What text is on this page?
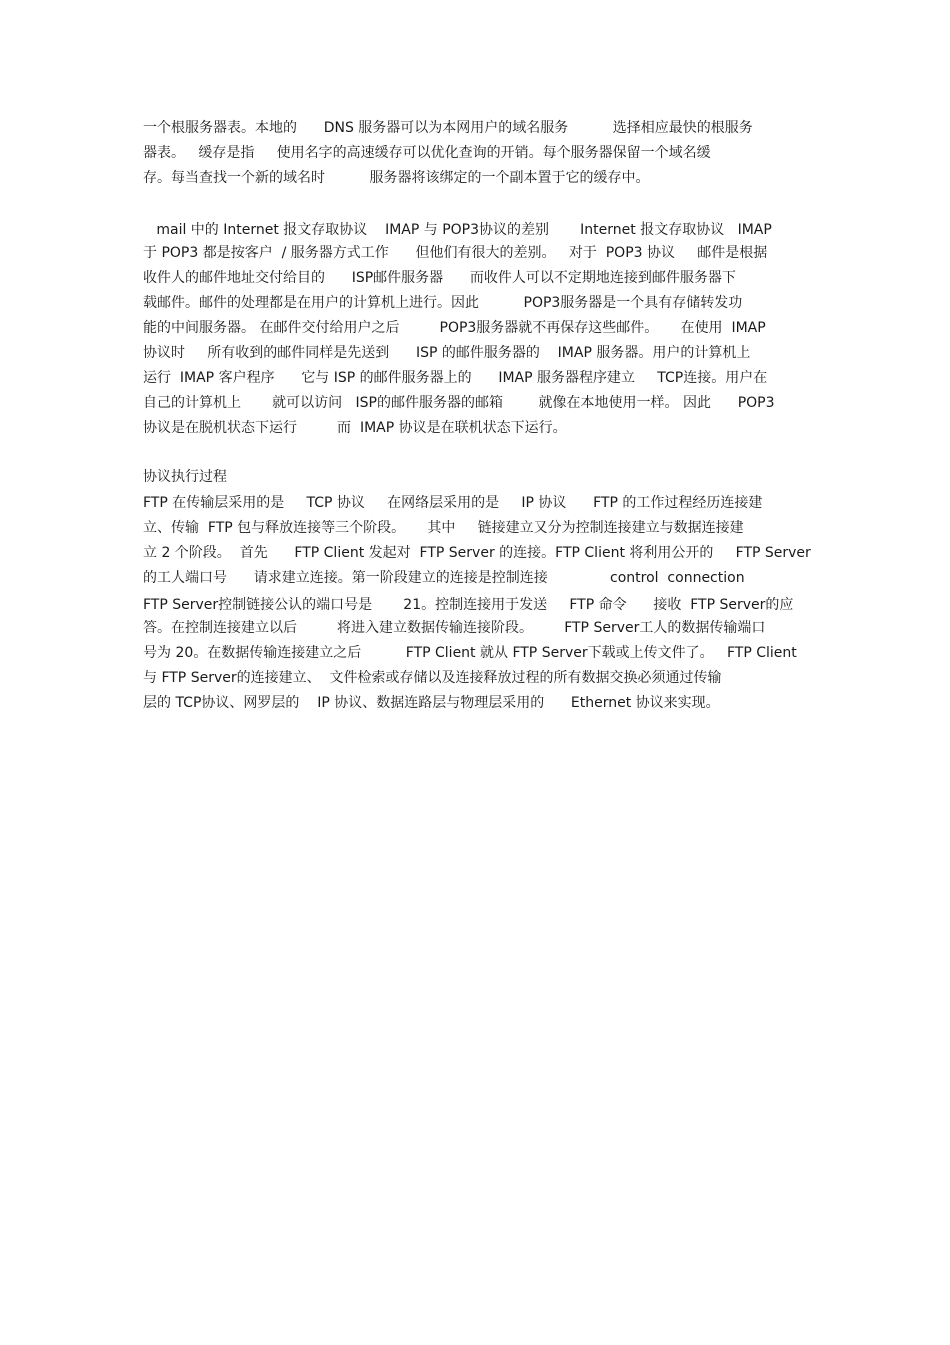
一个根服务器表。本地的      DNS 服务器可以为本网用户的域名服务          选择相应最快的根服务
器表。   缓存是指     使用名字的高速缓存可以优化查询的开销。每个服务器保留一个域名缓
存。每当查找一个新的域名时          服务器将该绑定的一个副本置于它的缓存中。
mail 中的 Internet 报文存取协议    IMAP 与 POP3协议的差别       Internet 报文存取协议   IMAP
于 POP3 都是按客户  / 服务器方式工作      但他们有很大的差别。   对于  POP3 协议     邮件是根据
收件人的邮件地址交付给目的      ISP邮件服务器      而收件人可以不定期地连接到邮件服务器下
载邮件。邮件的处理都是在用户的计算机上进行。因此          POP3服务器是一个具有存储转发功
能的中间服务器。 在邮件交付给用户之后         POP3服务器就不再保存这些邮件。     在使用  IMAP
协议时     所有收到的邮件同样是先送到      ISP 的邮件服务器的    IMAP 服务器。用户的计算机上
运行  IMAP 客户程序      它与 ISP 的邮件服务器上的      IMAP 服务器程序建立     TCP连接。用户在
自己的计算机上       就可以访问   ISP的邮件服务器的邮箱        就像在本地使用一样。 因此      POP3
协议是在脱机状态下运行         而  IMAP 协议是在联机状态下运行。
协议执行过程
FTP 在传输层采用的是     TCP 协议     在网络层采用的是     IP 协议      FTP 的工作过程经历连接建
立、传输  FTP 包与释放连接等三个阶段。     其中     链接建立又分为控制连接建立与数据连接建
立 2 个阶段。  首先      FTP Client 发起对  FTP Server 的连接。FTP Client 将利用公开的     FTP Server
的工人端口号      请求建立连接。第一阶段建立的连接是控制连接              control  connection
FTP Server控制链接公认的端口号是       21。控制连接用于发送     FTP 命令      接收  FTP Server的应
答。在控制连接建立以后         将进入建立数据传输连接阶段。       FTP Server工人的数据传输端口
号为 20。在数据传输连接建立之后          FTP Client 就从 FTP Server下载或上传文件了。   FTP Client
与 FTP Server的连接建立、  文件检索或存储以及连接释放过程的所有数据交换必须通过传输
层的 TCP协议、网罗层的    IP 协议、数据连路层与物理层采用的      Ethernet 协议来实现。
